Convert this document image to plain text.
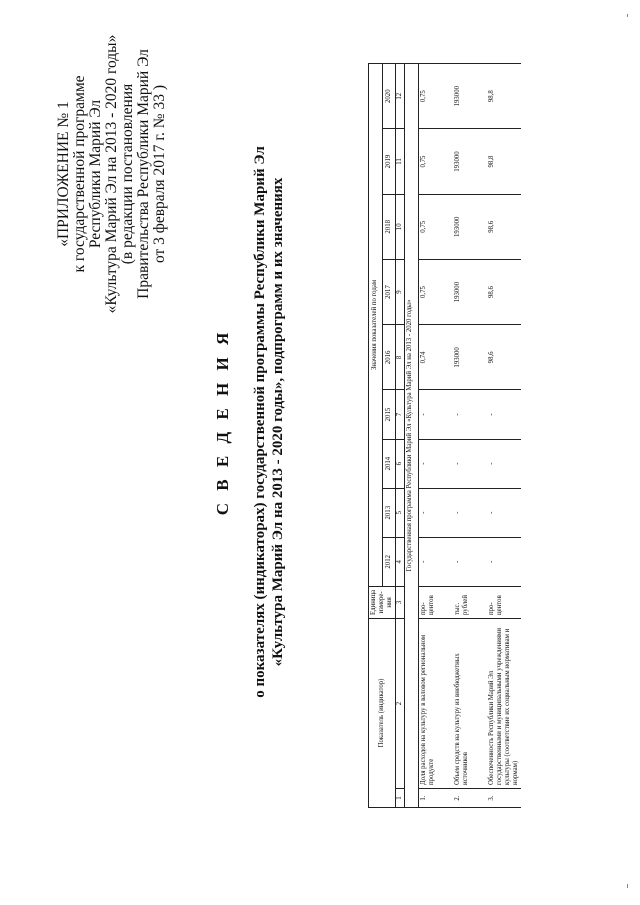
«ПРИЛОЖЕНИЕ № 1 к государственной программе Республики Марий Эл «Культура Марий Эл на 2013 - 2020 годы» (в редакции постановления Правительства Республики Марий Эл от 3 февраля 2017 г. № 33 )
С В Е Д Е Н И Я о показателях (индикаторах) государственной программы Республики Марий Эл «Культура Марий Эл на 2013 - 2020 годы», подпрограмм и их значениях
Показатель (индикатор)		Единица измере-ния	Значения показателей по годам								
			2012	2013	2014	2015	2016	2017	2018	2019	2020
1	2	3	4	5	6	7	8	9	10	11	12
Государственная программа Республики Марий Эл «Культура Марий Эл на 2013 - 2020 годы»											
1.	Доля расходов на культуру в валовом региональном продукте	про-центов	-	-	-	-	0,74	0,75	0,75	0,75	0,75
2.	Объем средств на культуру из внебюджетных источников	тыс. рублей	-	-	-	-	193000	193000	193000	193000	193000
3.	Обеспеченность Республики Марий Эл государственными и муниципальными учреждениями культуры (соответствие их социальным нормативам и нормам)	про-центов	-	-	-	-	98,6	98,6	98,6	98,8	98,8
